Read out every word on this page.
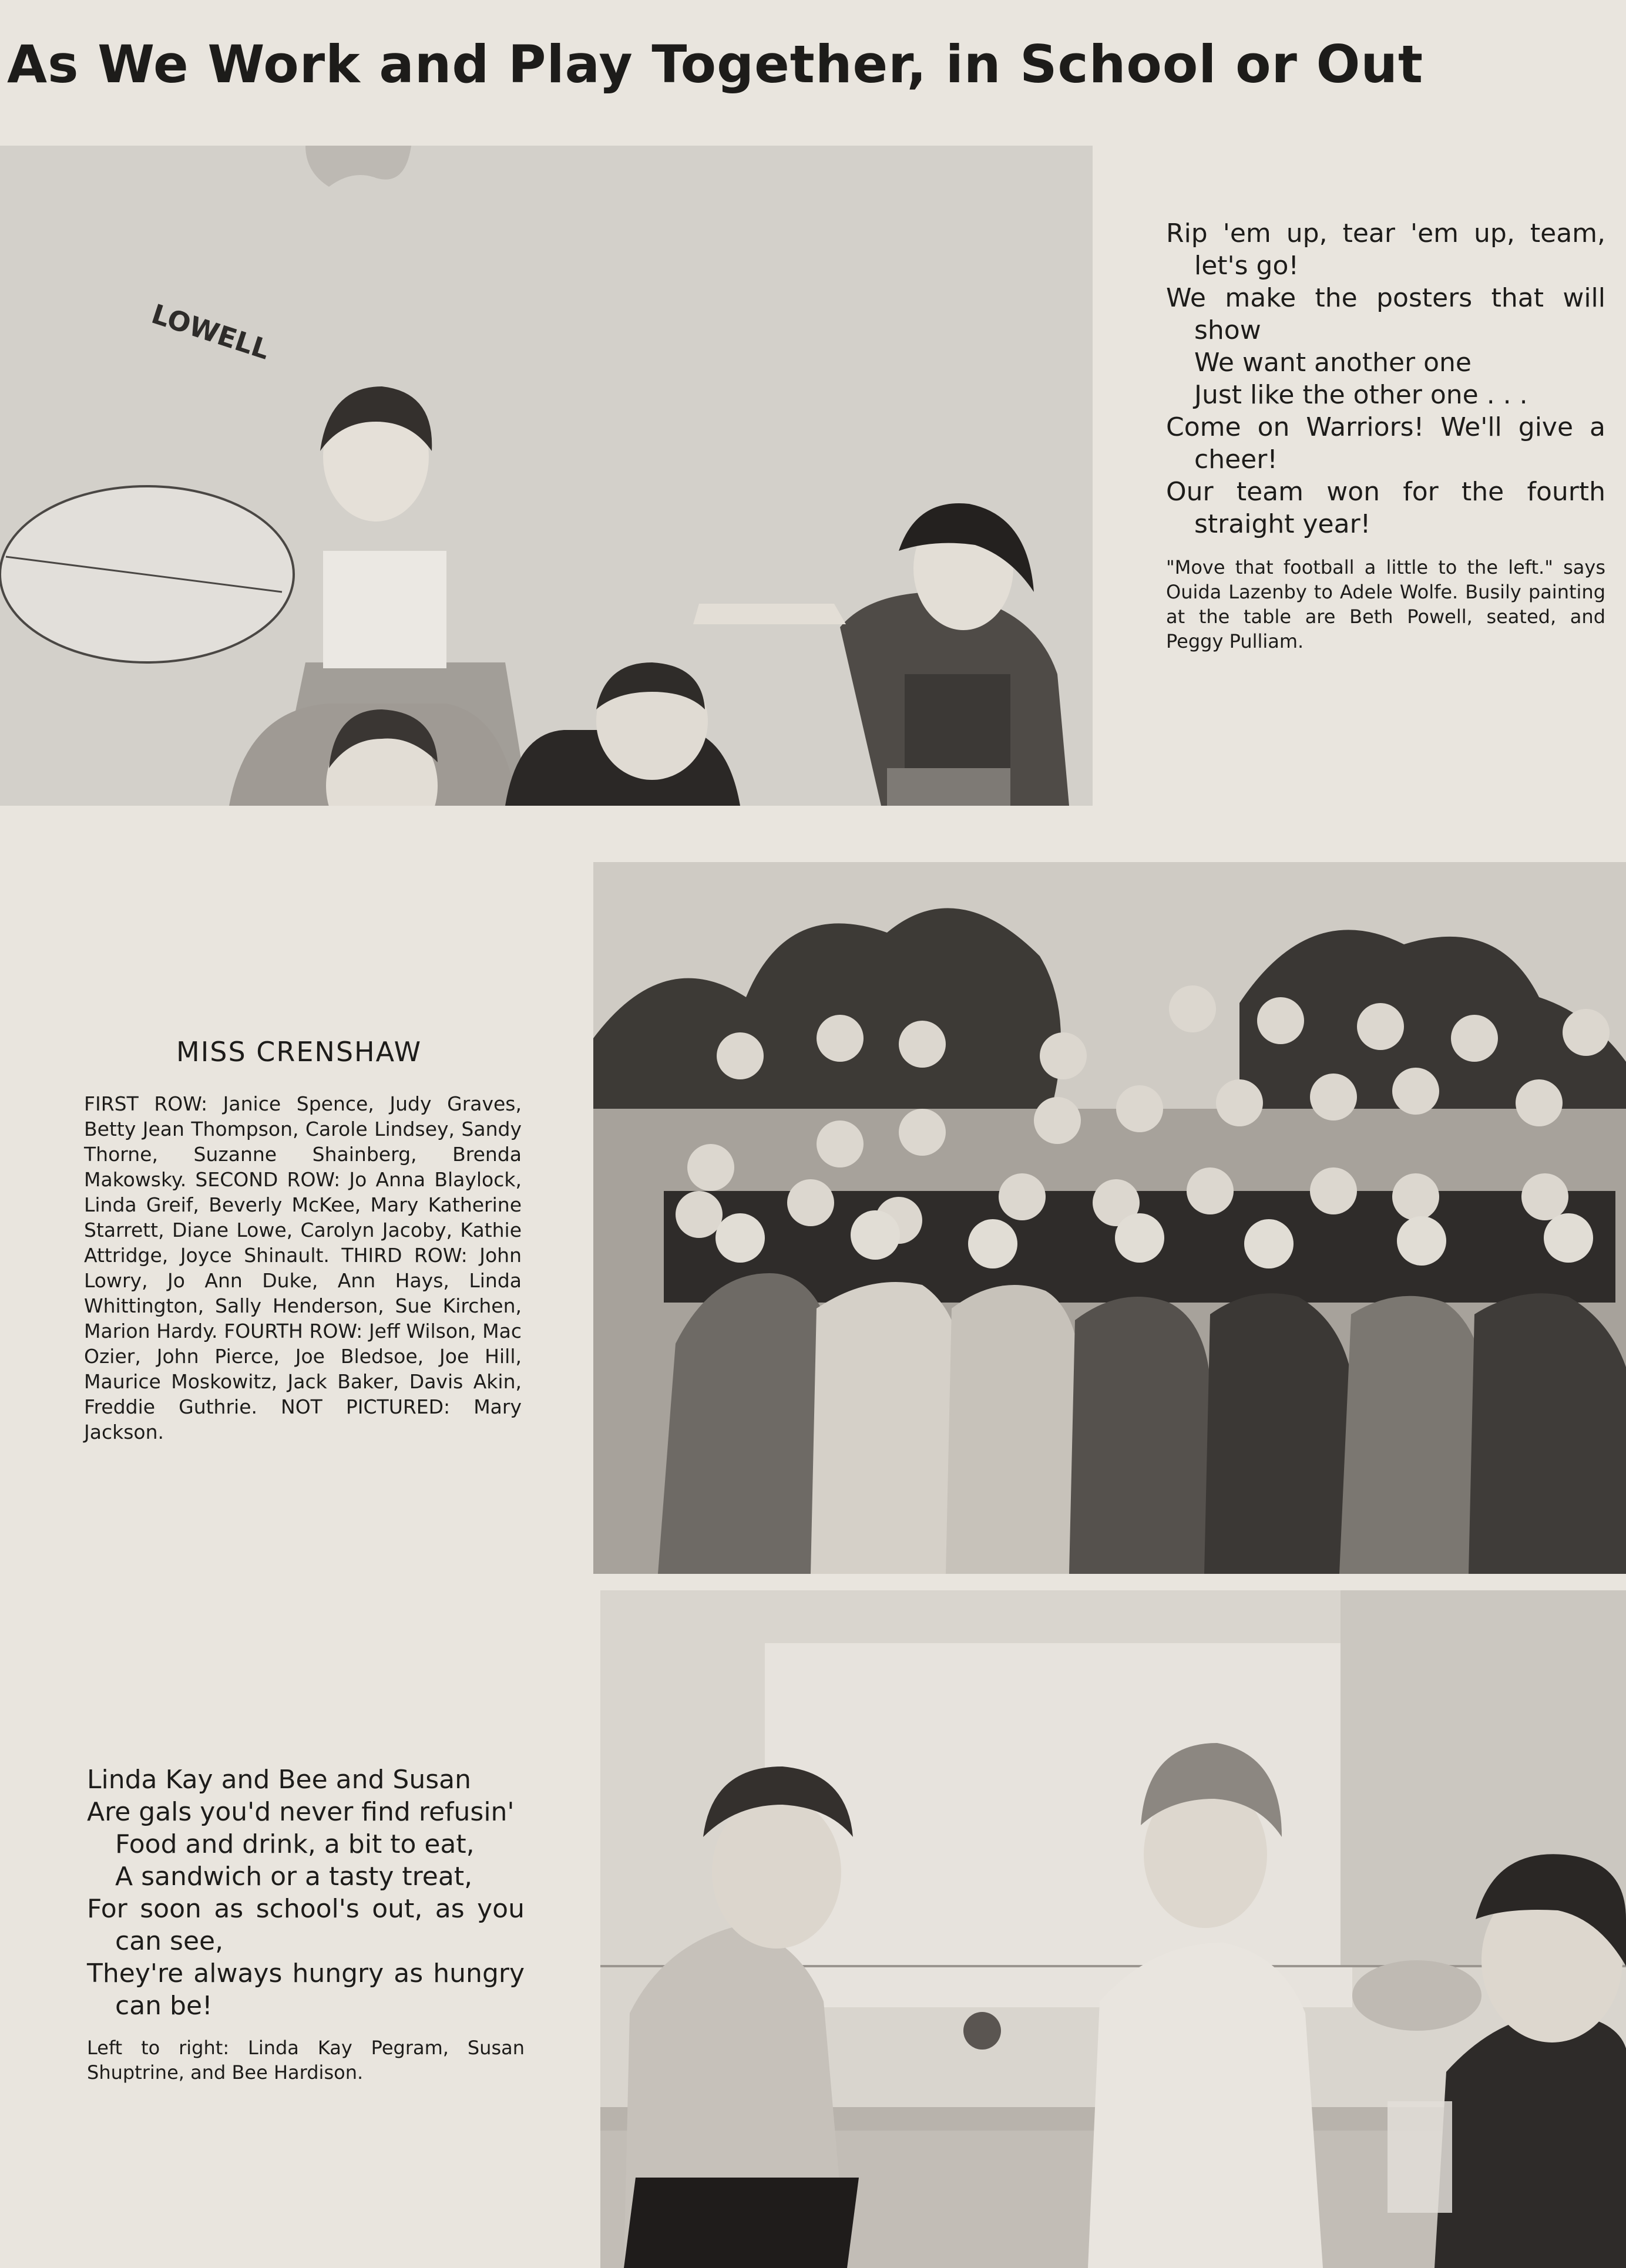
As We Work and Play Together, in School or Out
LOWELL
Rip 'em up, tear 'em up, team,
let's go!
We make the posters that will
show
We want another one
Just like the other one . . .
Come on Warriors! We'll give a
cheer!
Our team won for the fourth
straight year!
"Move that football a little to the left." says Ouida Lazenby to Adele Wolfe. Busily painting at the table are Beth Powell, seated, and Peggy Pulliam.
MISS CRENSHAW
FIRST ROW: Janice Spence, Judy Graves, Betty Jean Thompson, Carole Lindsey, Sandy Thorne, Suzanne Shainberg, Brenda Makowsky. SECOND ROW: Jo Anna Blaylock, Linda Greif, Beverly McKee, Mary Katherine Starrett, Diane Lowe, Carolyn Jacoby, Kathie Attridge, Joyce Shinault. THIRD ROW: John Lowry, Jo Ann Duke, Ann Hays, Linda Whittington, Sally Henderson, Sue Kirchen, Marion Hardy. FOURTH ROW: Jeff Wilson, Mac Ozier, John Pierce, Joe Bledsoe, Joe Hill, Maurice Moskowitz, Jack Baker, Davis Akin, Freddie Guthrie. NOT PICTURED: Mary Jackson.
Linda Kay and Bee and Susan
Are gals you'd never find refusin'
Food and drink, a bit to eat,
A sandwich or a tasty treat,
For soon as school's out, as you
can see,
They're always hungry as hungry
can be!
Left to right: Linda Kay Pegram, Susan Shuptrine, and Bee Hardison.
